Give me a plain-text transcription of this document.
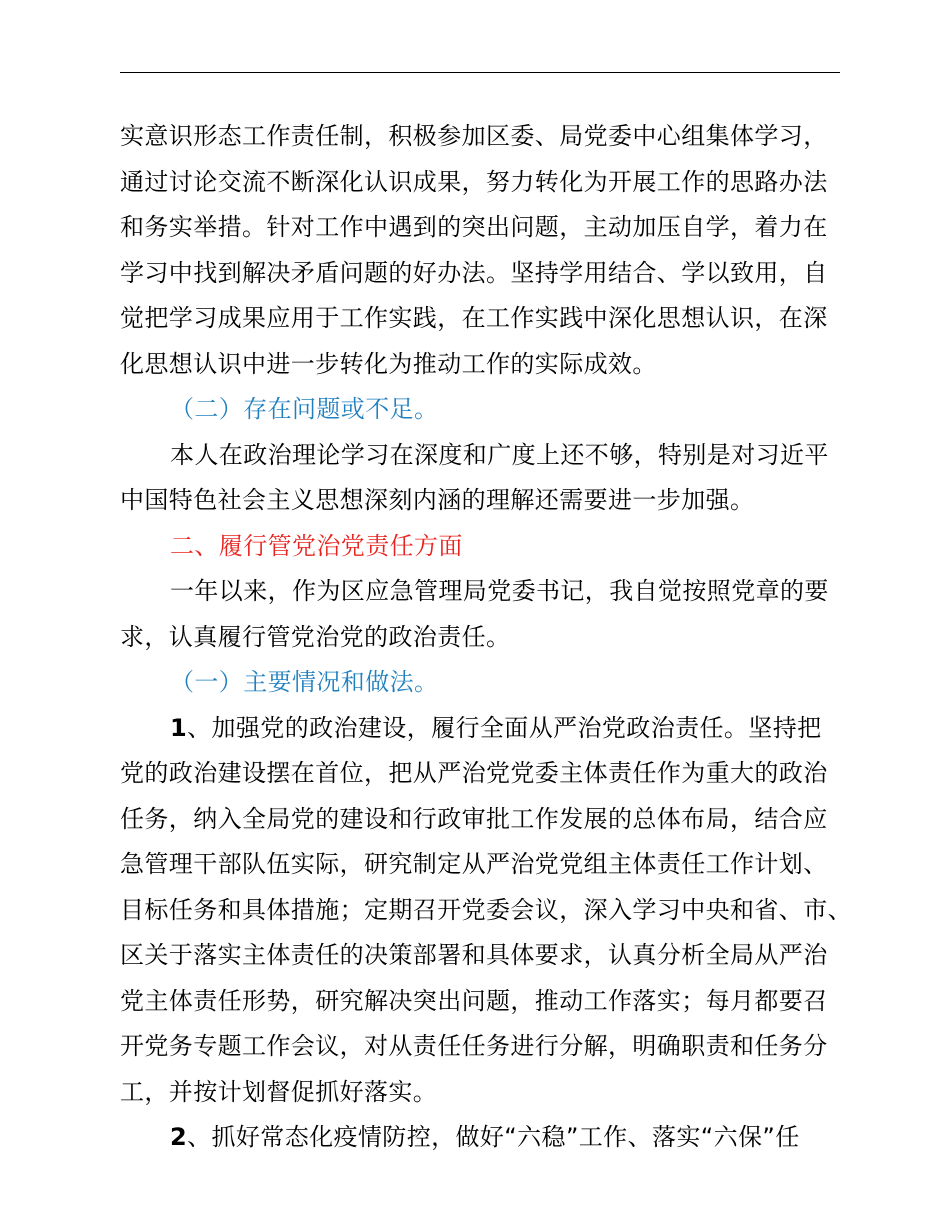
实意识形态工作责任制，积极参加区委、局党委中心组集体学习，
通过讨论交流不断深化认识成果，努力转化为开展工作的思路办法
和务实举措。针对工作中遇到的突出问题，主动加压自学，着力在
学习中找到解决矛盾问题的好办法。坚持学用结合、学以致用，自
觉把学习成果应用于工作实践，在工作实践中深化思想认识，在深
化思想认识中进一步转化为推动工作的实际成效。
（二）存在问题或不足。
本人在政治理论学习在深度和广度上还不够，特别是对习近平
中国特色社会主义思想深刻内涵的理解还需要进一步加强。
二、履行管党治党责任方面
一年以来，作为区应急管理局党委书记，我自觉按照党章的要
求，认真履行管党治党的政治责任。
（一）主要情况和做法。
1、加强党的政治建设，履行全面从严治党政治责任。坚持把
党的政治建设摆在首位，把从严治党党委主体责任作为重大的政治
任务，纳入全局党的建设和行政审批工作发展的总体布局，结合应
急管理干部队伍实际，研究制定从严治党党组主体责任工作计划、
目标任务和具体措施；定期召开党委会议，深入学习中央和省、市、
区关于落实主体责任的决策部署和具体要求，认真分析全局从严治
党主体责任形势，研究解决突出问题，推动工作落实；每月都要召
开党务专题工作会议，对从责任任务进行分解，明确职责和任务分
工，并按计划督促抓好落实。
2、抓好常态化疫情防控，做好“六稳”工作、落实“六保”任
